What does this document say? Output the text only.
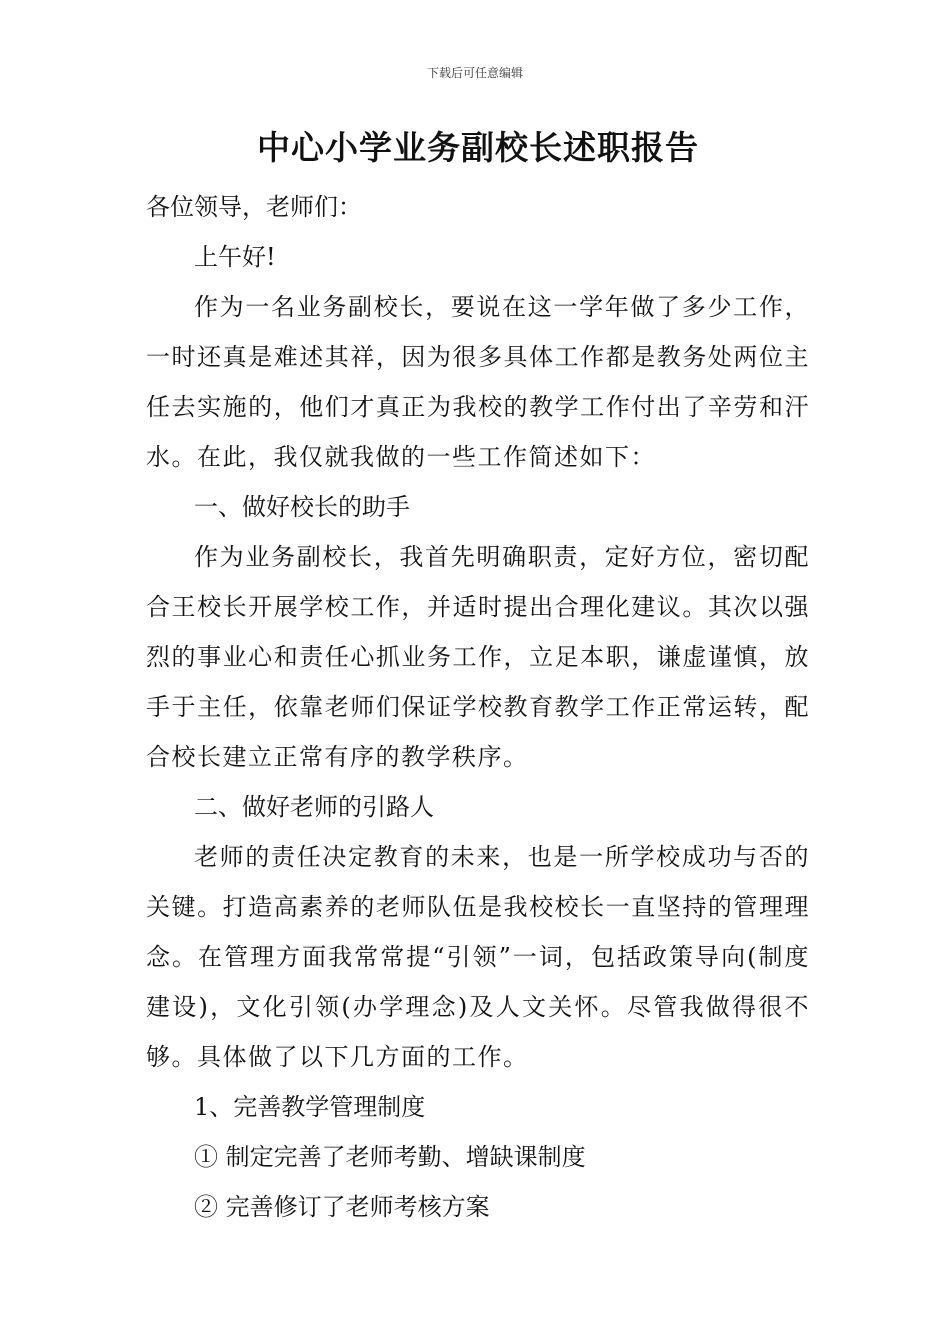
下载后可任意编辑
中心小学业务副校长述职报告

各位领导，老师们：

上午好!

作为一名业务副校长，要说在这一学年做了多少工作，一时还真是难述其祥，因为很多具体工作都是教务处两位主任去实施的，他们才真正为我校的教学工作付出了辛劳和汗水。在此，我仅就我做的一些工作简述如下：

一、做好校长的助手

作为业务副校长，我首先明确职责，定好方位，密切配合王校长开展学校工作，并适时提出合理化建议。其次以强烈的事业心和责任心抓业务工作，立足本职，谦虚谨慎，放手于主任，依靠老师们保证学校教育教学工作正常运转，配合校长建立正常有序的教学秩序。

二、做好老师的引路人

老师的责任决定教育的未来，也是一所学校成功与否的关键。打造高素养的老师队伍是我校校长一直坚持的管理理念。在管理方面我常常提“引领”一词，包括政策导向(制度建设)，文化引领(办学理念)及人文关怀。尽管我做得很不够。具体做了以下几方面的工作。

1、完善教学管理制度

① 制定完善了老师考勤、增缺课制度

② 完善修订了老师考核方案
